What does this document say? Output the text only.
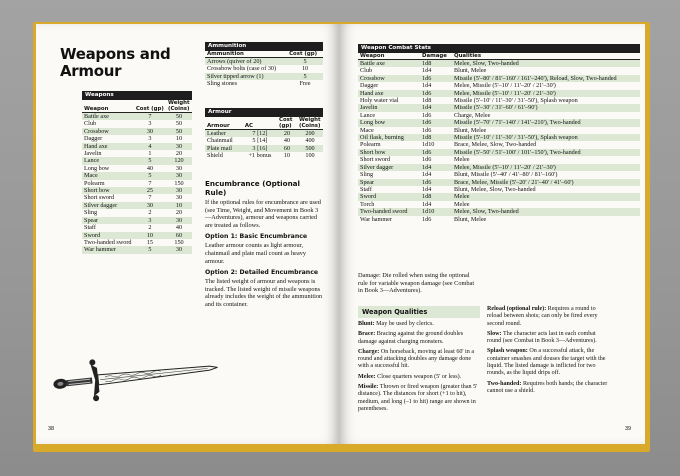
Weapons and
Armour
Weapons
Weapon	Cost (gp)	Weight (Coins)
Battle axe	7	50
Club	3	50
Crossbow	30	50
Dagger	3	10
Hand axe	4	30
Javelin	1	20
Lance	5	120
Long bow	40	30
Mace	5	30
Polearm	7	150
Short bow	25	30
Short sword	7	30
Silver dagger	30	10
Sling	2	20
Spear	3	30
Staff	2	40
Sword	10	60
Two-handed sword	15	150
War hammer	5	30
Ammunition
Ammunition	Cost (gp)
Arrows (quiver of 20)	5
Crossbow bolts (case of 30)	10
Silver tipped arrow (1)	5
Sling stones	Free
Armour
Armour	AC	Cost (gp)	Weight (Coins)
Leather	7 [12]	20	200
Chainmail	5 [14]	40	400
Plate mail	3 [16]	60	500
Shield	+1 bonus	10	100
Encumbrance (Optional Rule)

If the optional rules for encumbrance are used (see Time, Weight, and Movement in Book 3—Adventures), armour and weapons carried are treated as follows.

Option 1: Basic Encumbrance

Leather armour counts as light armour, chainmail and plate mail count as heavy armour.

Option 2: Detailed Encumbrance

The listed weight of armour and weapons is tracked. The listed weight of missile weapons already includes the weight of the ammunition and its container.

38
Weapon Combat Stats
Weapon	Damage	Qualities
Battle axe	1d8	Melee, Slow, Two-handed
Club	1d4	Blunt, Melee
Crossbow	1d6	Missile (5'–80' / 81'–160' / 161'–240'), Reload, Slow, Two-handed
Dagger	1d4	Melee, Missile (5'–10' / 11'–20' / 21'–30')
Hand axe	1d6	Melee, Missile (5'–10' / 11'–20' / 21'–30')
Holy water vial	1d8	Missile (5'–10' / 11'–30' / 31'–50'), Splash weapon
Javelin	1d4	Missile (5'–30' / 31'–60' / 61'–90')
Lance	1d6	Charge, Melee
Long bow	1d6	Missile (5'–70' / 71'–140' / 141'–210'), Two-handed
Mace	1d6	Blunt, Melee
Oil flask, burning	1d8	Missile (5'–10' / 11'–30' / 31'–50'), Splash weapon
Polearm	1d10	Brace, Melee, Slow, Two-handed
Short bow	1d6	Missile (5'–50' / 51'–100' / 101'–150'), Two-handed
Short sword	1d6	Melee
Silver dagger	1d4	Melee, Missile (5'–10' / 11'–20' / 21'–30')
Sling	1d4	Blunt, Missile (5'–40' / 41'–80' / 81'–160')
Spear	1d6	Brace, Melee, Missile (5'–20' / 21'–40' / 41'–60')
Staff	1d4	Blunt, Melee, Slow, Two-handed
Sword	1d8	Melee
Torch	1d4	Melee
Two-handed sword	1d10	Melee, Slow, Two-handed
War hammer	1d6	Blunt, Melee

Damage: Die rolled when using the optional rule for variable weapon damage (see Combat in Book 3—Adventures).

Weapon Qualities

Blunt: May be used by clerics.

Brace: Bracing against the ground doubles damage against charging monsters.

Charge: On horseback, moving at least 60' in a round and attacking doubles any damage done with a successful hit.

Melee: Close quarters weapon (5' or less).

Missile: Thrown or fired weapon (greater than 5' distance). The distances for short (+1 to hit), medium, and long (–1 to hit) range are shown in parentheses.

Reload (optional rule): Requires a round to reload between shots; can only be fired every second round.

Slow: The character acts last in each combat round (see Combat in Book 3—Adventures).

Splash weapon: On a successful attack, the container smashes and douses the target with the liquid. The listed damage is inflicted for two rounds, as the liquid drips off.

Two-handed: Requires both hands; the character cannot use a shield.

39
